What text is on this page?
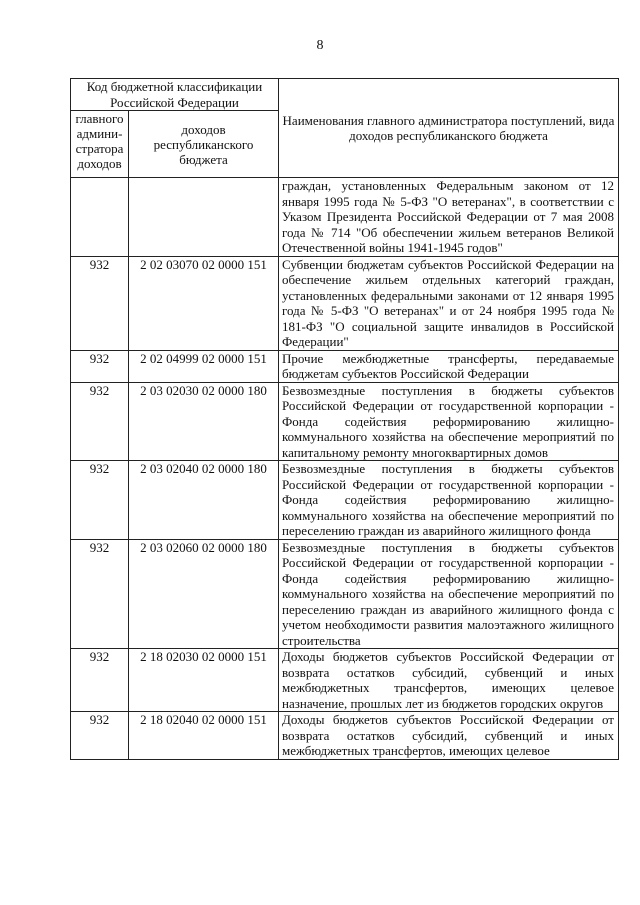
8
Код бюджетной классификации Российской Федерации		Наименования главного администратора поступлений, вида доходов республиканского бюджета
главного админи-стратора доходов	доходов республиканского бюджета	
		граждан, установленных Федеральным законом от 12 января 1995 года № 5-ФЗ "О ветеранах", в соответствии с Указом Президента Российской Федерации от 7 мая 2008 года № 714 "Об обеспечении жильем ветеранов Великой Отечественной войны 1941-1945 годов"
932	2 02 03070 02 0000 151	Субвенции бюджетам субъектов Российской Федерации на обеспечение жильем отдельных категорий граждан, установленных федеральными законами от 12 января 1995 года № 5-ФЗ "О ветеранах" и от 24 ноября 1995 года № 181-ФЗ "О социальной защите инвалидов в Российской Федерации"
932	2 02 04999 02 0000 151	Прочие межбюджетные трансферты, передаваемые бюджетам субъектов Российской Федерации
932	2 03 02030 02 0000 180	Безвозмездные поступления в бюджеты субъектов Российской Федерации от государственной корпорации - Фонда содействия реформированию жилищно-коммунального хозяйства на обеспечение мероприятий по капитальному ремонту многоквартирных домов
932	2 03 02040 02 0000 180	Безвозмездные поступления в бюджеты субъектов Российской Федерации от государственной корпорации - Фонда содействия реформированию жилищно-коммунального хозяйства на обеспечение мероприятий по переселению граждан из аварийного жилищного фонда
932	2 03 02060 02 0000 180	Безвозмездные поступления в бюджеты субъектов Российской Федерации от государственной корпорации - Фонда содействия реформированию жилищно-коммунального хозяйства на обеспечение мероприятий по переселению граждан из аварийного жилищного фонда с учетом необходимости развития малоэтажного жилищного строительства
932	2 18 02030 02 0000 151	Доходы бюджетов субъектов Российской Федерации от возврата остатков субсидий, субвенций и иных межбюджетных трансфертов, имеющих целевое назначение, прошлых лет из бюджетов городских округов
932	2 18 02040 02 0000 151	Доходы бюджетов субъектов Российской Федерации от возврата остатков субсидий, субвенций и иных межбюджетных трансфертов, имеющих целевое
